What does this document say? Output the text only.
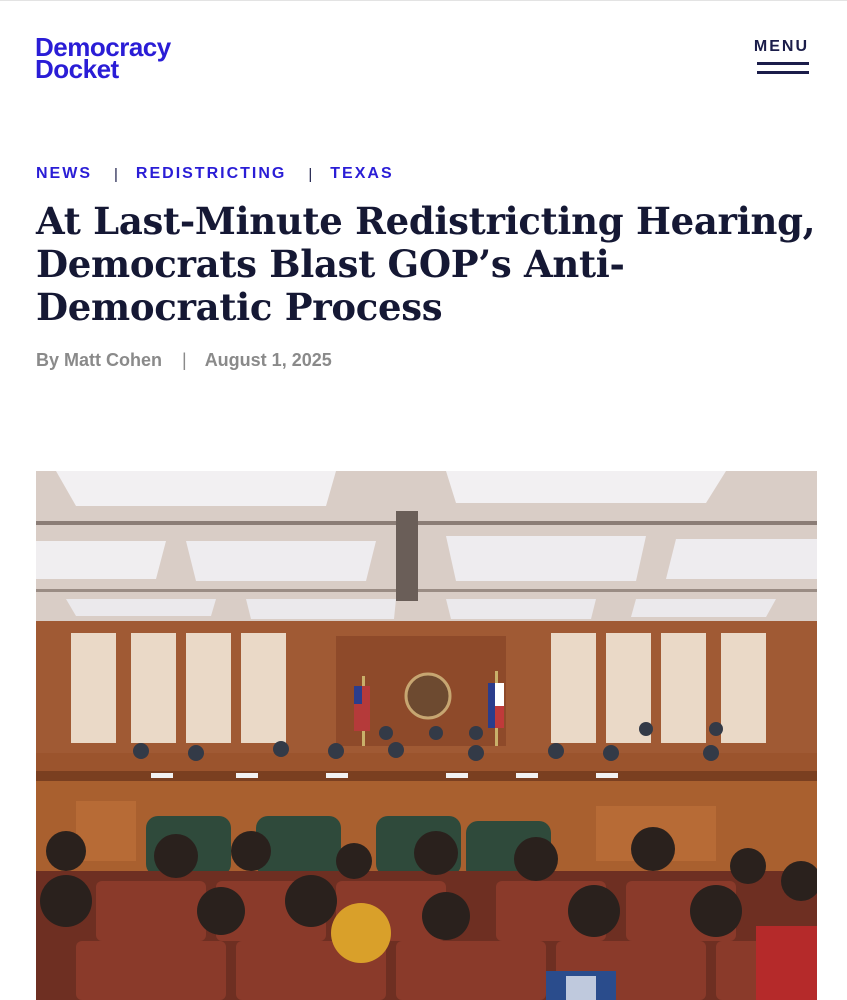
Democracy
Docket
MENU
NEWS | REDISTRICTING | TEXAS
At Last-Minute Redistricting Hearing, Democrats Blast GOP’s Anti-Democratic Process
By Matt Cohen | August 1, 2025
